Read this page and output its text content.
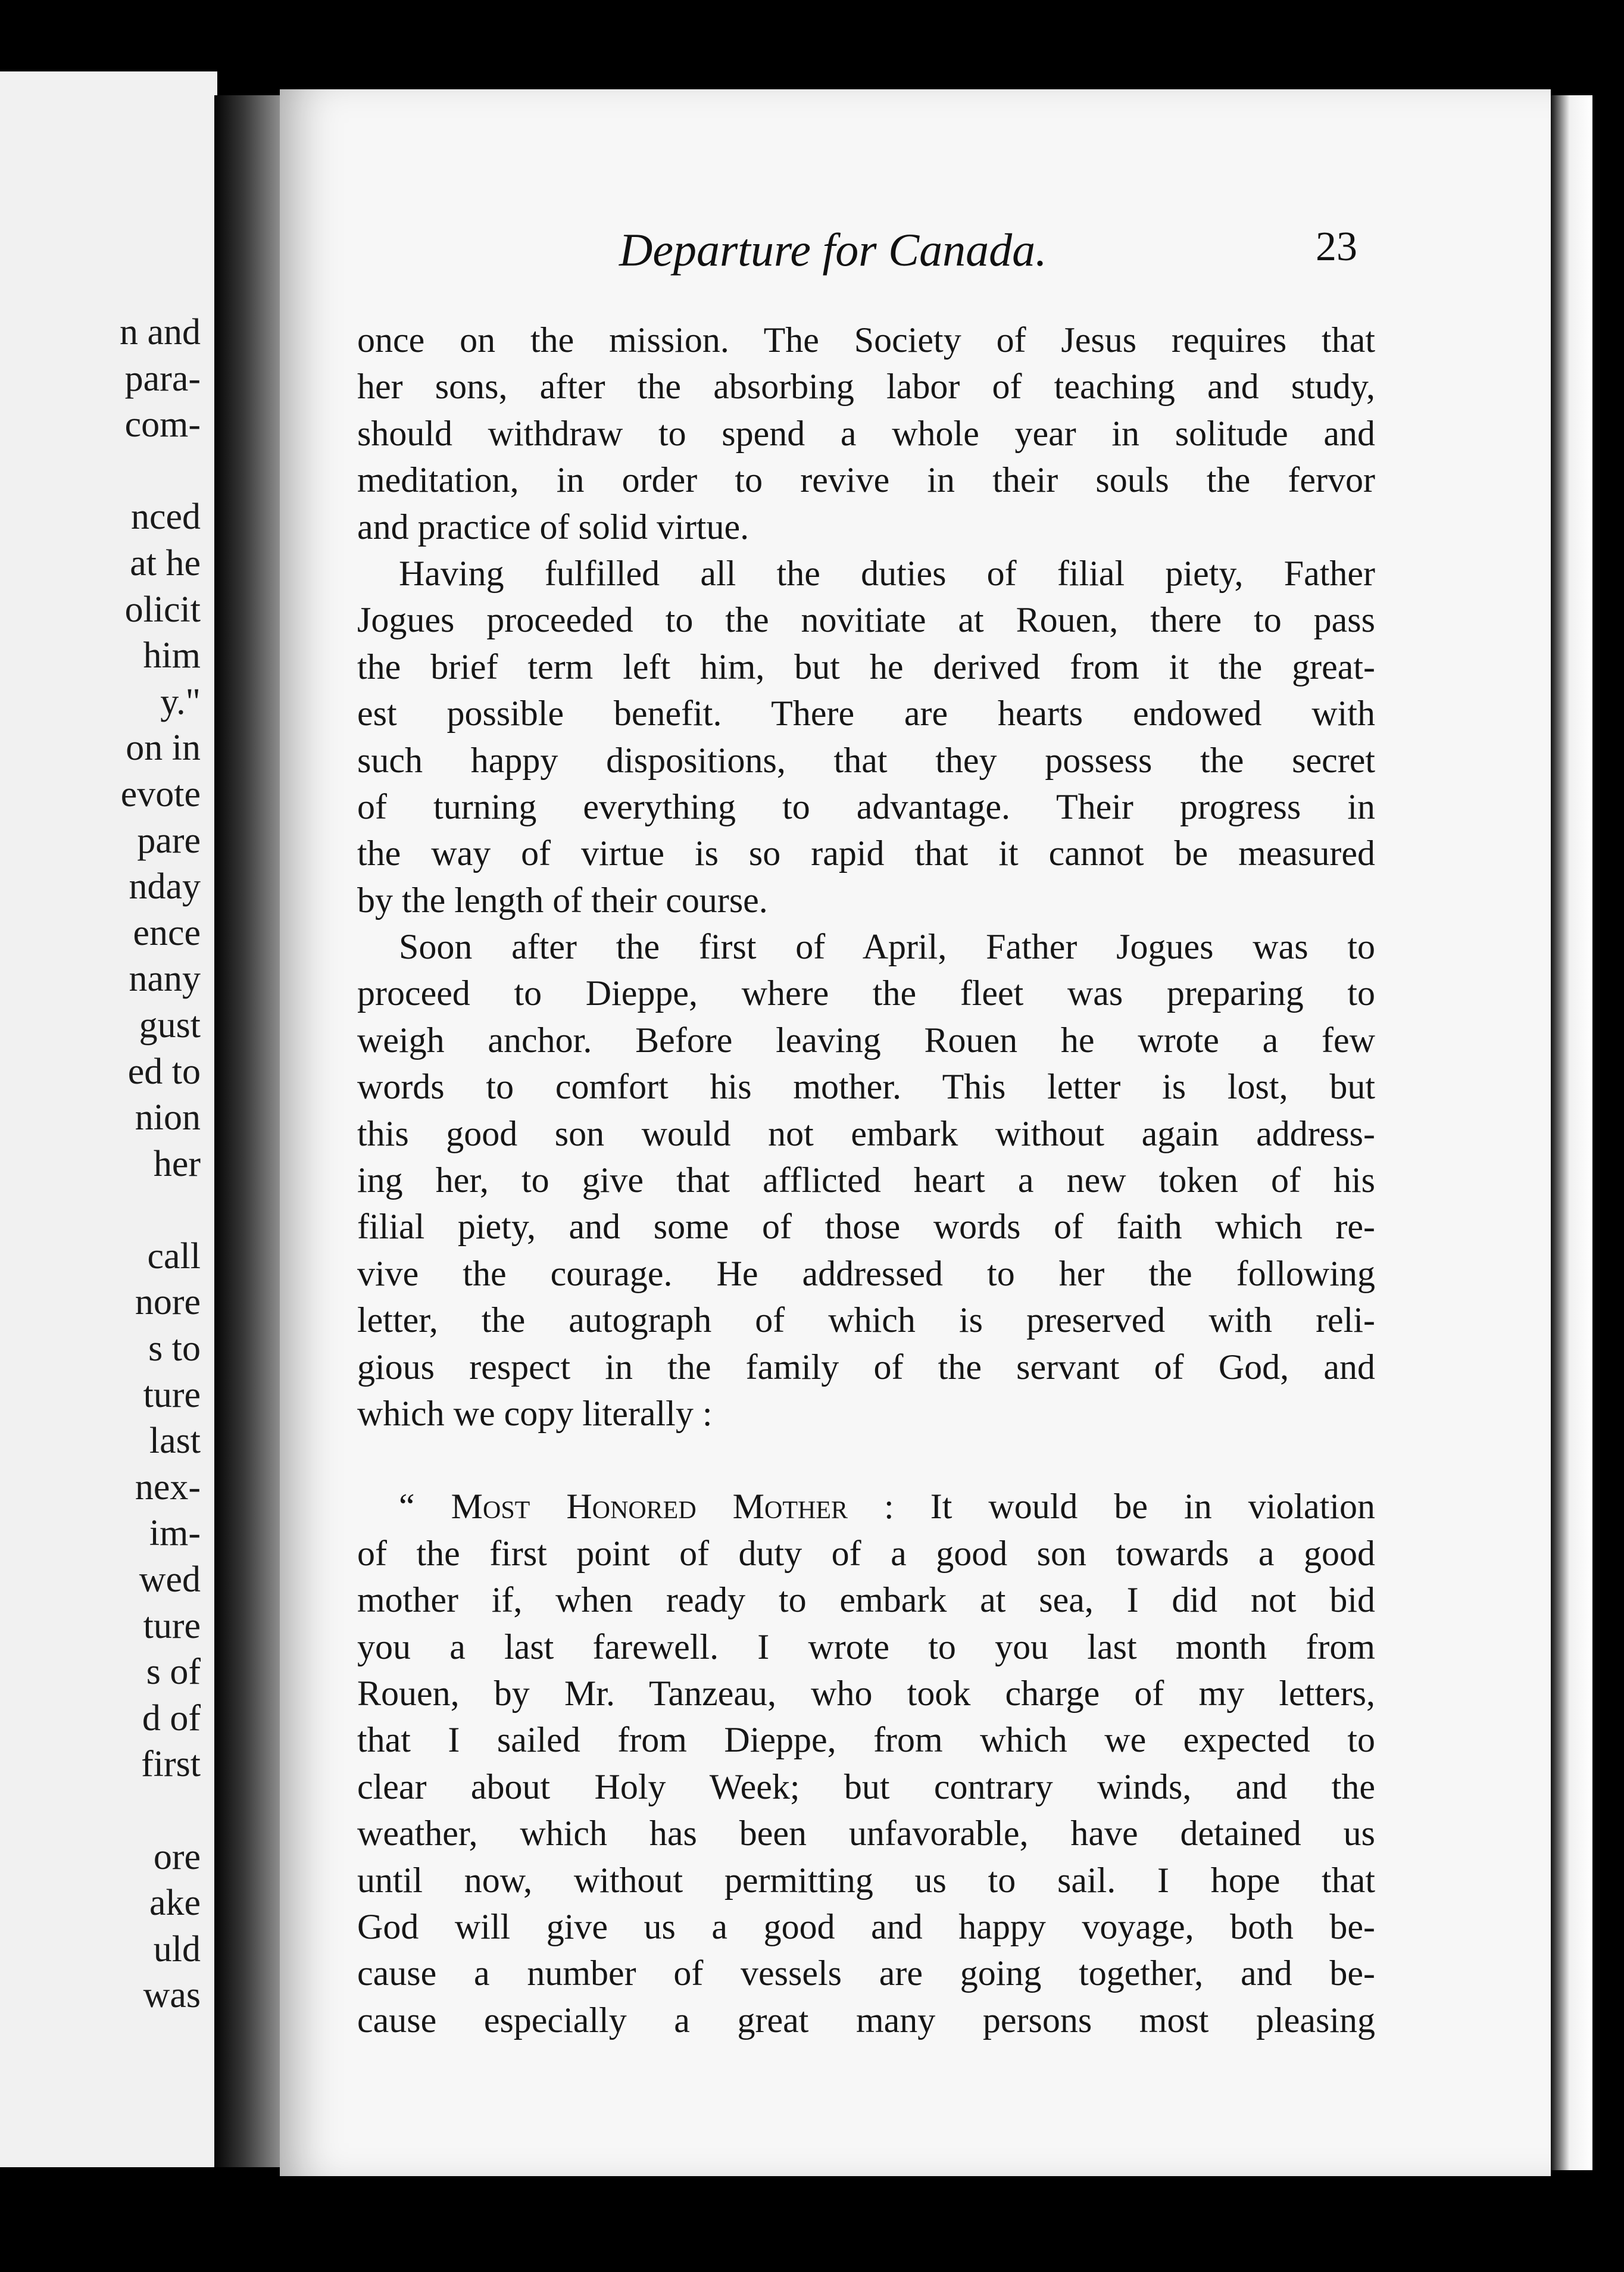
n and
para-
com-
nced
at he
olicit
him
y."
on in
evote
pare
nday
ence
nany
gust
ed to
nion
her
call
nore
s to
ture
last
nex-
im-
wed
ture
s of
d of
first
ore
ake
uld
was
Departure for Canada.	23
once on the mission. The Society of Jesus requires that
her sons, after the absorbing labor of teaching and study,
should withdraw to spend a whole year in solitude and
meditation, in order to revive in their souls the fervor
and practice of solid virtue.
Having fulfilled all the duties of filial piety, Father
Jogues proceeded to the novitiate at Rouen, there to pass
the brief term left him, but he derived from it the great-
est possible benefit. There are hearts endowed with
such happy dispositions, that they possess the secret
of turning everything to advantage. Their progress in
the way of virtue is so rapid that it cannot be measured
by the length of their course.
Soon after the first of April, Father Jogues was to
proceed to Dieppe, where the fleet was preparing to
weigh anchor. Before leaving Rouen he wrote a few
words to comfort his mother. This letter is lost, but
this good son would not embark without again address-
ing her, to give that afflicted heart a new token of his
filial piety, and some of those words of faith which re-
vive the courage. He addressed to her the following
letter, the autograph of which is preserved with reli-
gious respect in the family of the servant of God, and
which we copy literally :
“ Most Honored Mother : It would be in violation
of the first point of duty of a good son towards a good
mother if, when ready to embark at sea, I did not bid
you a last farewell. I wrote to you last month from
Rouen, by Mr. Tanzeau, who took charge of my letters,
that I sailed from Dieppe, from which we expected to
clear about Holy Week; but contrary winds, and the
weather, which has been unfavorable, have detained us
until now, without permitting us to sail. I hope that
God will give us a good and happy voyage, both be-
cause a number of vessels are going together, and be-
cause especially a great many persons most pleasing
